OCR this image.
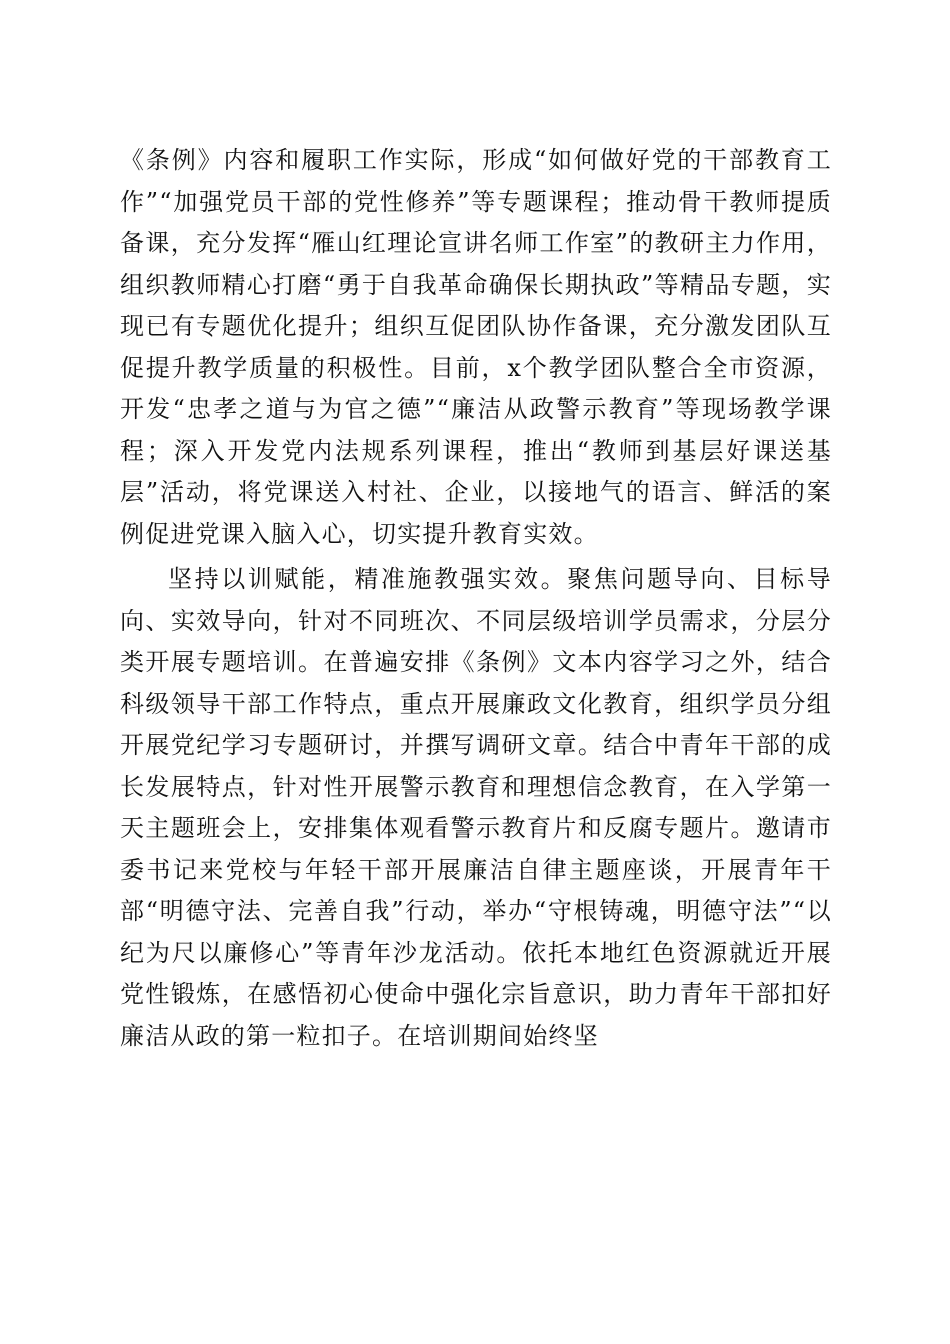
《条例》内容和履职工作实际，形成“如何做好党的干部教育工作”“加强党员干部的党性修养”等专题课程；推动骨干教师提质备课，充分发挥“雁山红理论宣讲名师工作室”的教研主力作用，组织教师精心打磨“勇于自我革命确保长期执政”等精品专题，实现已有专题优化提升；组织互促团队协作备课，充分激发团队互促提升教学质量的积极性。目前，x个教学团队整合全市资源，开发“忠孝之道与为官之德”“廉洁从政警示教育”等现场教学课程；深入开发党内法规系列课程，推出“教师到基层好课送基层”活动，将党课送入村社、企业，以接地气的语言、鲜活的案例促进党课入脑入心，切实提升教育实效。

坚持以训赋能，精准施教强实效。聚焦问题导向、目标导向、实效导向，针对不同班次、不同层级培训学员需求，分层分类开展专题培训。在普遍安排《条例》文本内容学习之外，结合科级领导干部工作特点，重点开展廉政文化教育，组织学员分组开展党纪学习专题研讨，并撰写调研文章。结合中青年干部的成长发展特点，针对性开展警示教育和理想信念教育，在入学第一天主题班会上，安排集体观看警示教育片和反腐专题片。邀请市委书记来党校与年轻干部开展廉洁自律主题座谈，开展青年干部“明德守法、完善自我”行动，举办“守根铸魂，明德守法”“以纪为尺以廉修心”等青年沙龙活动。依托本地红色资源就近开展党性锻炼，在感悟初心使命中强化宗旨意识，助力青年干部扣好廉洁从政的第一粒扣子。在培训期间始终坚
